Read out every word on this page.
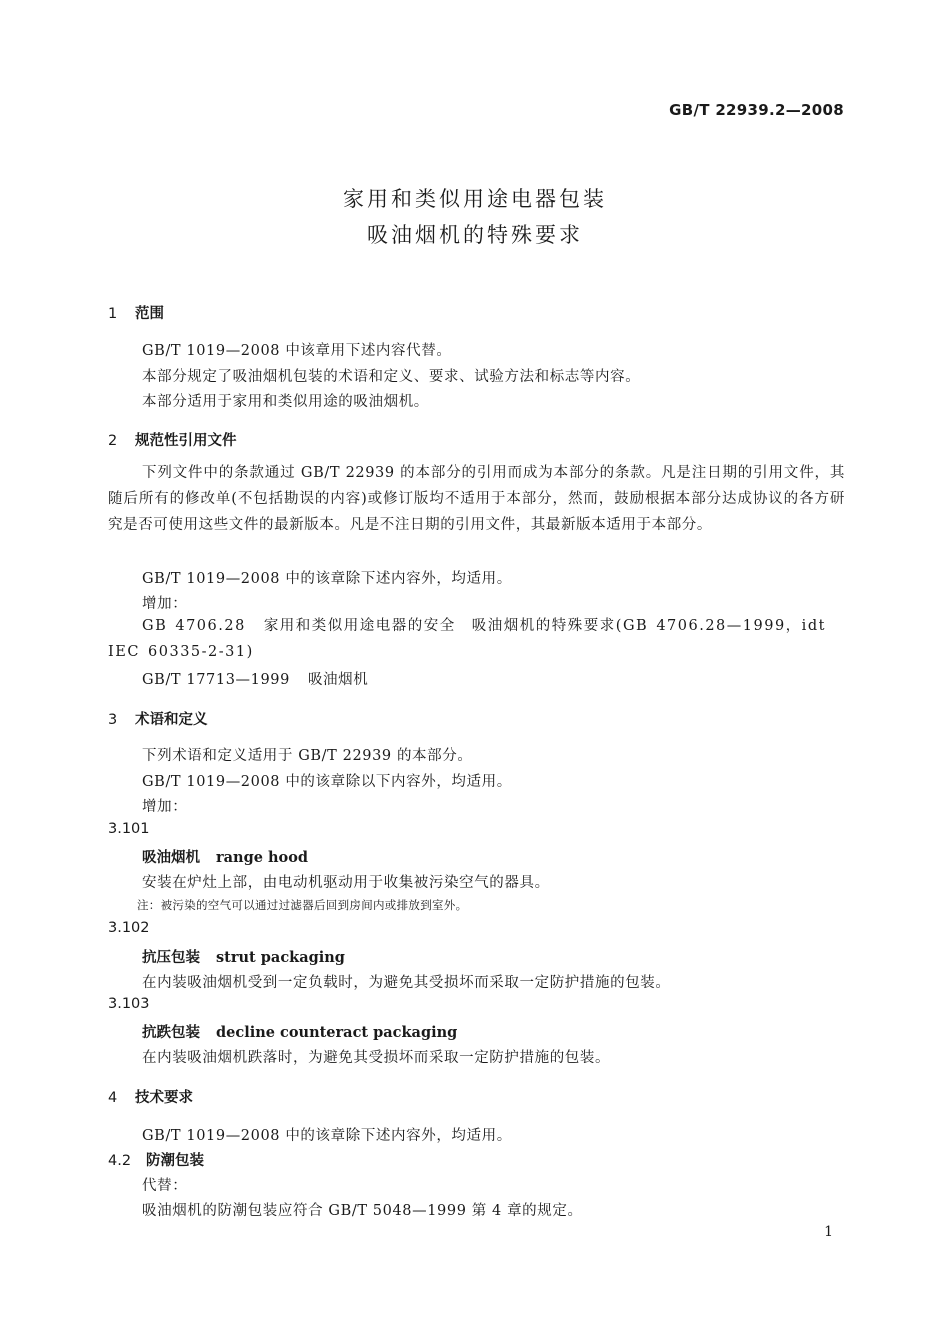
GB/T 22939.2—2008
家用和类似用途电器包装
吸油烟机的特殊要求
1 范围
GB/T 1019—2008 中该章用下述内容代替。
本部分规定了吸油烟机包装的术语和定义、要求、试验方法和标志等内容。
本部分适用于家用和类似用途的吸油烟机。
2 规范性引用文件
下列文件中的条款通过 GB/T 22939 的本部分的引用而成为本部分的条款。凡是注日期的引用文件，其随后所有的修改单(不包括勘误的内容)或修订版均不适用于本部分，然而，鼓励根据本部分达成协议的各方研究是否可使用这些文件的最新版本。凡是不注日期的引用文件，其最新版本适用于本部分。
GB/T 1019—2008 中的该章除下述内容外，均适用。
增加：
GB 4706.28 家用和类似用途电器的安全　吸油烟机的特殊要求(GB 4706.28—1999，idt IEC 60335-2-31)
GB/T 17713—1999 吸油烟机
3 术语和定义
下列术语和定义适用于 GB/T 22939 的本部分。
GB/T 1019—2008 中的该章除以下内容外，均适用。
增加：
3.101
吸油烟机 range hood
安装在炉灶上部，由电动机驱动用于收集被污染空气的器具。
注：被污染的空气可以通过过滤器后回到房间内或排放到室外。
3.102
抗压包装 strut packaging
在内装吸油烟机受到一定负载时，为避免其受损坏而采取一定防护措施的包装。
3.103
抗跌包装 decline counteract packaging
在内装吸油烟机跌落时，为避免其受损坏而采取一定防护措施的包装。
4 技术要求
GB/T 1019—2008 中的该章除下述内容外，均适用。
4.2 防潮包装
代替：
吸油烟机的防潮包装应符合 GB/T 5048—1999 第 4 章的规定。
1
